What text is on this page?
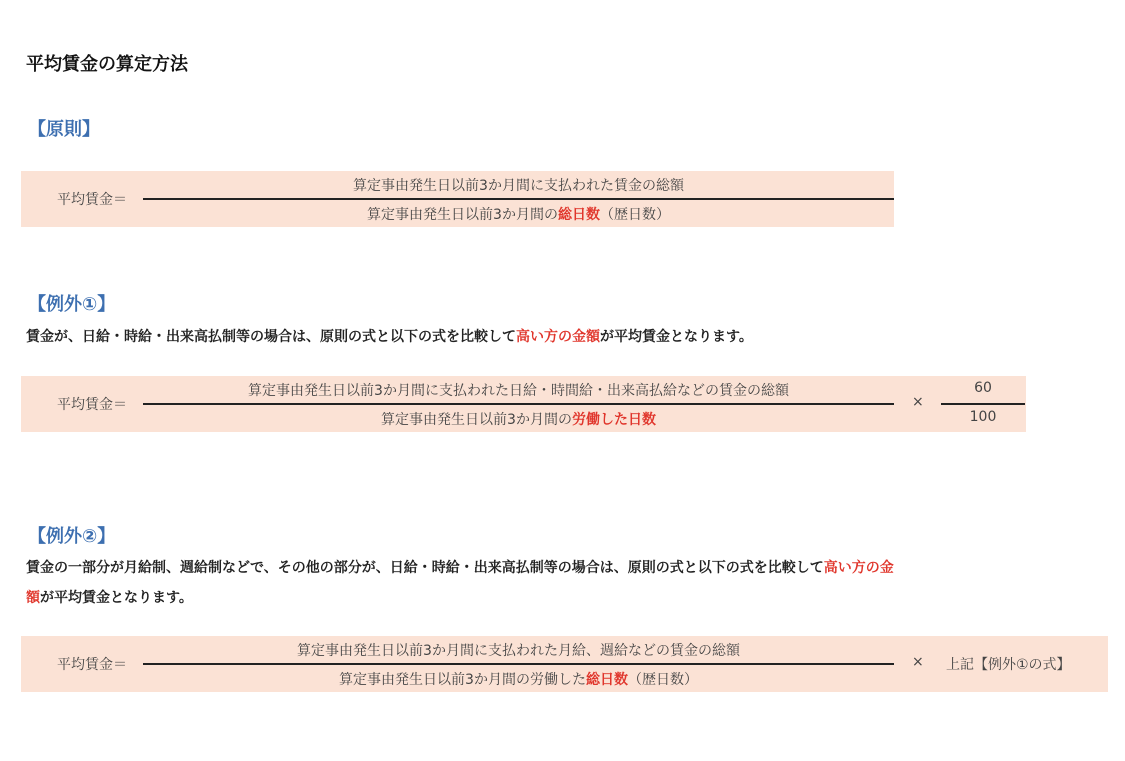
平均賃金の算定方法
【原則】
平均賃金＝
算定事由発生日以前3か月間に支払われた賃金の総額
算定事由発生日以前3か月間の総日数（歴日数）
【例外①】
賃金が、日給・時給・出来高払制等の場合は、原則の式と以下の式を比較して高い方の金額が平均賃金となります。
平均賃金＝
算定事由発生日以前3か月間に支払われた日給・時間給・出来高払給などの賃金の総額
算定事由発生日以前3か月間の労働した日数
×
60
100
【例外②】
賃金の一部分が月給制、週給制などで、その他の部分が、日給・時給・出来高払制等の場合は、原則の式と以下の式を比較して高い方の金
額が平均賃金となります。
平均賃金＝
算定事由発生日以前3か月間に支払われた月給、週給などの賃金の総額
算定事由発生日以前3か月間の労働した総日数（歴日数）
× 上記【例外①の式】
